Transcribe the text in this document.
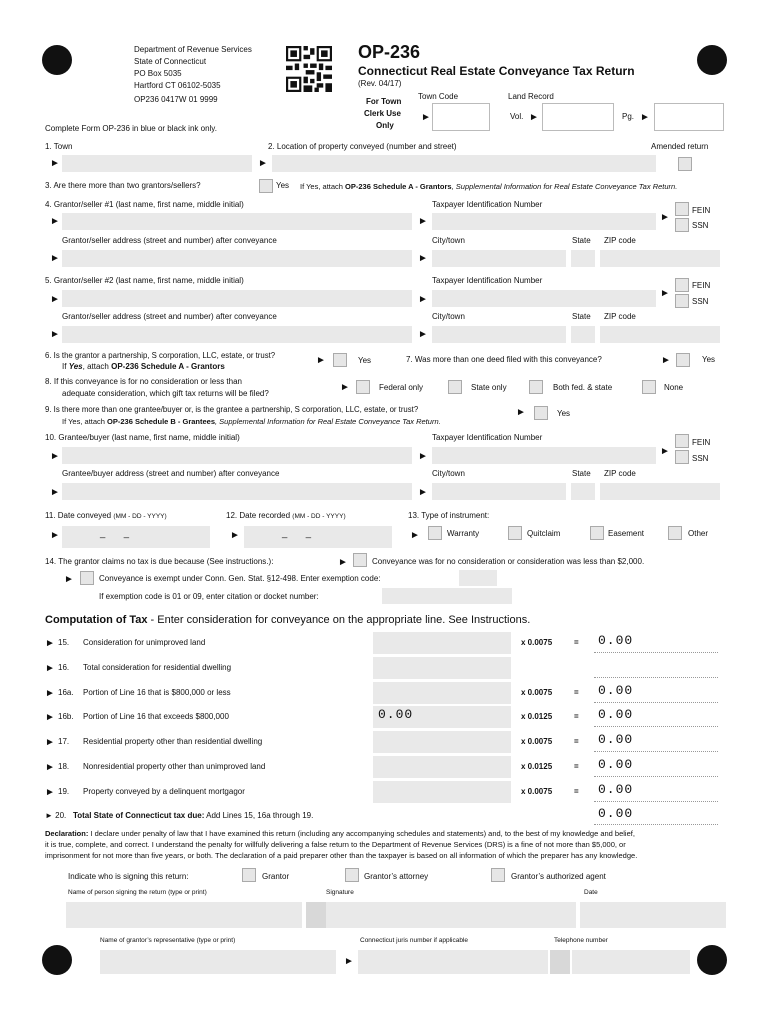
Department of Revenue Services
State of Connecticut
PO Box 5035
Hartford CT 06102-5035
OP236 0417W 01 9999
OP-236
Connecticut Real Estate Conveyance Tax Return
(Rev. 04/17)
For Town
Clerk Use
Only
►
Town Code	Land Record
Vol. ►	Pg. ►
Complete Form OP-236 in blue or black ink only.
1. Town	2. Location of property conveyed (number and street)	Amended return
►	►
3. Are there more than two grantors/sellers?	Yes If Yes, attach OP-236 Schedule A - Grantors, Supplemental Information for Real Estate Conveyance Tax Return.
4. Grantor/seller #1 (last name, first name, middle initial)	Taxpayer Identification Number
►	►	►
FEIN
SSN
Grantor/seller address (street and number) after conveyance	City/town	State ZIP code
►	►
5. Grantor/seller #2 (last name, first name, middle initial)	Taxpayer Identification Number
►	►
►
FEIN
SSN
Grantor/seller address (street and number) after conveyance	City/town	State ZIP code
►	►
6. Is the grantor a partnership, S corporation, LLC, estate, or trust?
If Yes, attach OP-236 Schedule A - Grantors
►	Yes	7. Was more than one deed filed with this conveyance?	►	Yes
8. If this conveyance is for no consideration or less than
adequate consideration, which gift tax returns will be filed?
►	Federal only	State only	Both fed. & state	None
9. Is there more than one grantee/buyer or, is the grantee a partnership, S corporation, LLC, estate, or trust?	►	Yes
If Yes, attach OP-236 Schedule B - Grantees, Supplemental Information for Real Estate Conveyance Tax Return.
10. Grantee/buyer (last name, first name, middle initial)	Taxpayer Identification Number
►	►	►
FEIN
SSN
Grantee/buyer address (street and number) after conveyance	City/town	State ZIP code
►	►
11. Date conveyed (MM - DD - YYYY)
►	_       _
12. Date recorded (MM - DD - YYYY)
►	_       _
13. Type of instrument:
►	Warranty	Quitclaim	Easement	Other
14. The grantor claims no tax is due because (See instructions.):	►	Conveyance was for no consideration or consideration was less than $2,000.
►	Conveyance is exempt under Conn. Gen. Stat. §12-498. Enter exemption code:
If exemption code is 01 or 09, enter citation or docket number:
Computation of Tax - Enter consideration for conveyance on the appropriate line. See Instructions.
► 15. Consideration for unimproved land	x 0.0075	= 0.00
► 16. Total consideration for residential dwelling
► 16a. Portion of Line 16 that is $800,000 or less	x 0.0075	= 0.00
► 16b. Portion of Line 16 that exceeds $800,000	0.00	x 0.0125	= 0.00
► 17. Residential property other than residential dwelling	x 0.0075	= 0.00
► 18. Nonresidential property other than unimproved land	x 0.0125	= 0.00
► 19. Property conveyed by a delinquent mortgagor	x 0.0075	= 0.00
► 20. Total State of Connecticut tax due: Add Lines 15, 16a through 19.	0.00
Declaration: I declare under penalty of law that I have examined this return (including any accompanying schedules and statements) and, to the best of my knowledge and belief,
it is true, complete, and correct. I understand the penalty for willfully delivering a false return to the Department of Revenue Services (DRS) is a fine of not more than $5,000, or
imprisonment for not more than five years, or both. The declaration of a paid preparer other than the taxpayer is based on all information of which the preparer has any knowledge.
Indicate who is signing this return:	Grantor	Grantor’s attorney	Grantor’s authorized agent
Name of person signing the return (type or print)	Signature	Date
Name of grantor’s representative (type or print)	Connecticut juris number if applicable	Telephone number
►
